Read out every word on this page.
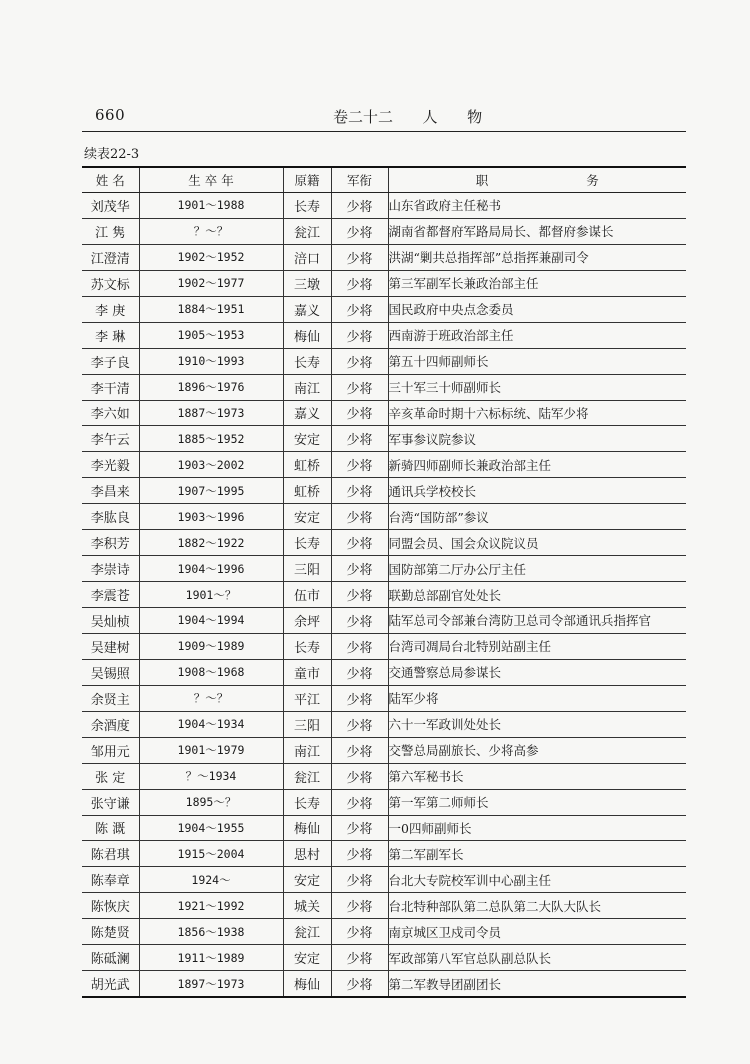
660	卷二十二  人  物
续表22-3
姓 名	生 卒 年	原籍	军衔	职 务
刘茂华	1901～1988	长寿	少将	山东省政府主任秘书
江 隽	？～？	瓮江	少将	湖南省都督府军路局局长、都督府参谋长
江澄清	1902～1952	涪口	少将	洪湖“剿共总指挥部”总指挥兼副司令
苏文标	1902～1977	三墩	少将	第三军副军长兼政治部主任
李 庚	1884～1951	嘉义	少将	国民政府中央点念委员
李 琳	1905～1953	梅仙	少将	西南游于班政治部主任
李子良	1910～1993	长寿	少将	第五十四师副师长
李干清	1896～1976	南江	少将	三十军三十师副师长
李六如	1887～1973	嘉义	少将	辛亥革命时期十六标标统、陆军少将
李午云	1885～1952	安定	少将	军事参议院参议
李光毅	1903～2002	虹桥	少将	新骑四师副师长兼政治部主任
李昌来	1907～1995	虹桥	少将	通讯兵学校校长
李肱良	1903～1996	安定	少将	台湾“国防部”参议
李积芳	1882～1922	长寿	少将	同盟会员、国会众议院议员
李崇诗	1904～1996	三阳	少将	国防部第二厅办公厅主任
李震苍	1901～？	伍市	少将	联勤总部副官处处长
吴灿桢	1904～1994	余坪	少将	陆军总司令部兼台湾防卫总司令部通讯兵指挥官
吴建树	1909～1989	长寿	少将	台湾司凋局台北特别站副主任
吴锡照	1908～1968	童市	少将	交通警察总局参谋长
余贤主	？～？	平江	少将	陆军少将
余酒度	1904～1934	三阳	少将	六十一军政训处处长
邹用元	1901～1979	南江	少将	交警总局副旅长、少将高参
张 定	？～1934	瓮江	少将	第六军秘书长
张守谦	1895～？	长寿	少将	第一军第二师师长
陈 溉	1904～1955	梅仙	少将	一0四师副师长
陈君琪	1915～2004	思村	少将	第二军副军长
陈奉章	1924～	安定	少将	台北大专院校军训中心副主任
陈恢庆	1921～1992	城关	少将	台北特种部队第二总队第二大队大队长
陈楚贤	1856～1938	瓮江	少将	南京城区卫戍司令员
陈砥澜	1911～1989	安定	少将	军政部第八军官总队副总队长
胡光武	1897～1973	梅仙	少将	第二军教导团副团长
